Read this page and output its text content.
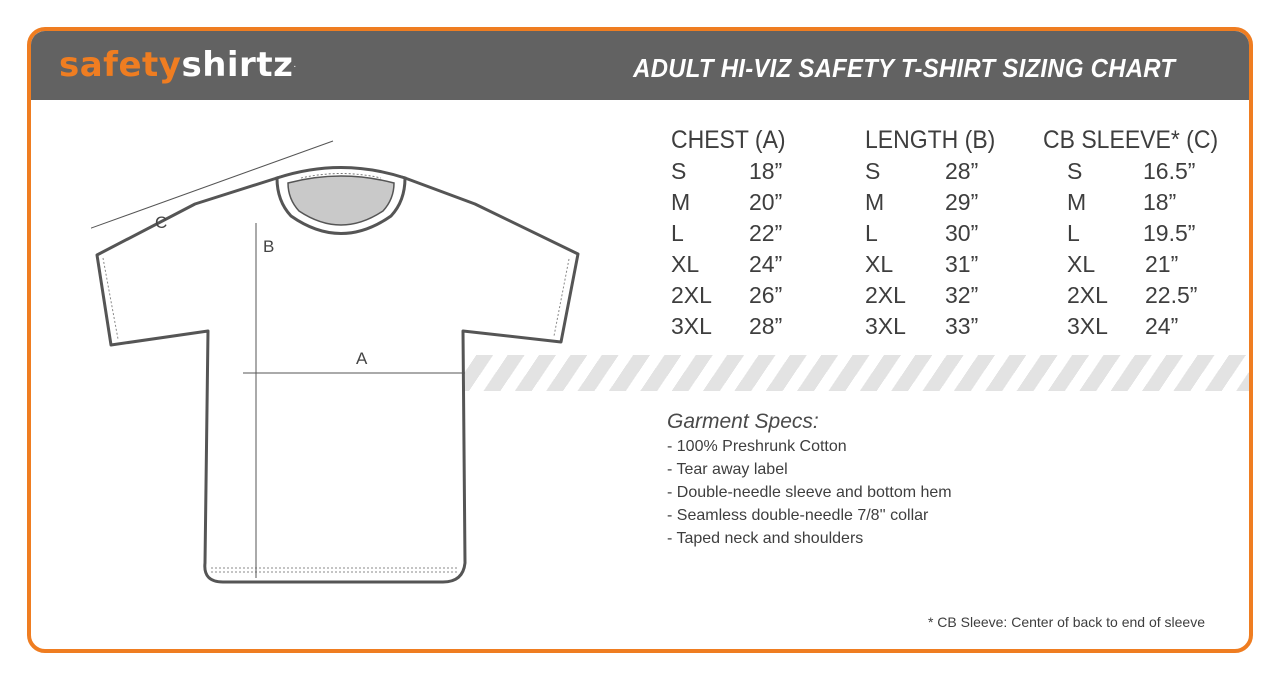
safetyshirtz.	ADULT HI-VIZ SAFETY T-SHIRT SIZING CHART
C
B
A
CHEST (A)
S	18”
M	20”
L	22”
XL 24”
2XL 26”
3XL 28”
LENGTH (B)
S	28”
M	29”
L	30”
XL 31”
2XL 32”
3XL 33”
CB SLEEVE* (C)
S	16.5”
M 18”
L	19.5”
XL 21”
2XL 22.5”
3XL 24”
Garment Specs:
- 100% Preshrunk Cotton
- Tear away label
- Double-needle sleeve and bottom hem
- Seamless double-needle 7/8'' collar
- Taped neck and shoulders
* CB Sleeve: Center of back to end of sleeve
